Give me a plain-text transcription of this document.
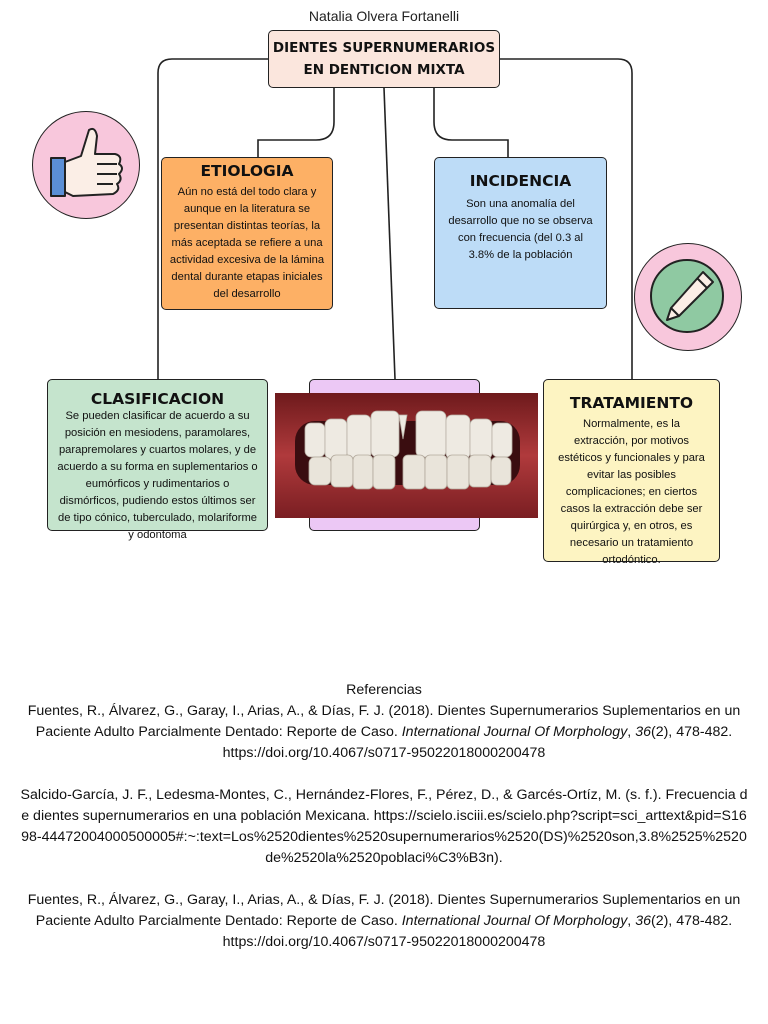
Natalia Olvera Fortanelli
DIENTES SUPERNUMERARIOS EN DENTICION MIXTA
ETIOLOGIA
Aún no está del todo clara y aunque en la literatura se presentan distintas teorías, la más aceptada se refiere a una actividad excesiva de la lámina dental durante etapas iniciales del desarrollo
INCIDENCIA
Son una anomalía del desarrollo que no se observa con frecuencia (del 0.3 al 3.8% de la población
CLASIFICACION
Se pueden clasificar de acuerdo a su posición en mesiodens, paramolares, parapremolares y cuartos molares, y de acuerdo a su forma en suplementarios o eumórficos y rudimentarios o dismórficos, pudiendo estos últimos ser de tipo cónico, tuberculado, molariforme y odontoma
TRATAMIENTO
Normalmente, es la extracción, por motivos estéticos y funcionales y para evitar las posibles complicaciones; en ciertos casos la extracción debe ser quirúrgica y, en otros, es necesario un tratamiento ortodóntico.
Referencias
Fuentes, R., Álvarez, G., Garay, I., Arias, A., & Días, F. J. (2018). Dientes Supernumerarios Suplementarios en un Paciente Adulto Parcialmente Dentado: Reporte de Caso. International Journal Of Morphology, 36(2), 478-482. https://doi.org/10.4067/s0717-95022018000200478
Salcido-García, J. F., Ledesma-Montes, C., Hernández-Flores, F., Pérez, D., & Garcés-Ortíz, M. (s. f.). Frecuencia de dientes supernumerarios en una población Mexicana. https://scielo.isciii.es/scielo.php?script=sci_arttext&pid=S1698-44472004000500005#:~:text=Los%2520dientes%2520supernumerarios%2520(DS)%2520son,3.8%2525%2520de%2520la%2520poblaci%C3%B3n).
Fuentes, R., Álvarez, G., Garay, I., Arias, A., & Días, F. J. (2018). Dientes Supernumerarios Suplementarios en un Paciente Adulto Parcialmente Dentado: Reporte de Caso. International Journal Of Morphology, 36(2), 478-482. https://doi.org/10.4067/s0717-95022018000200478
